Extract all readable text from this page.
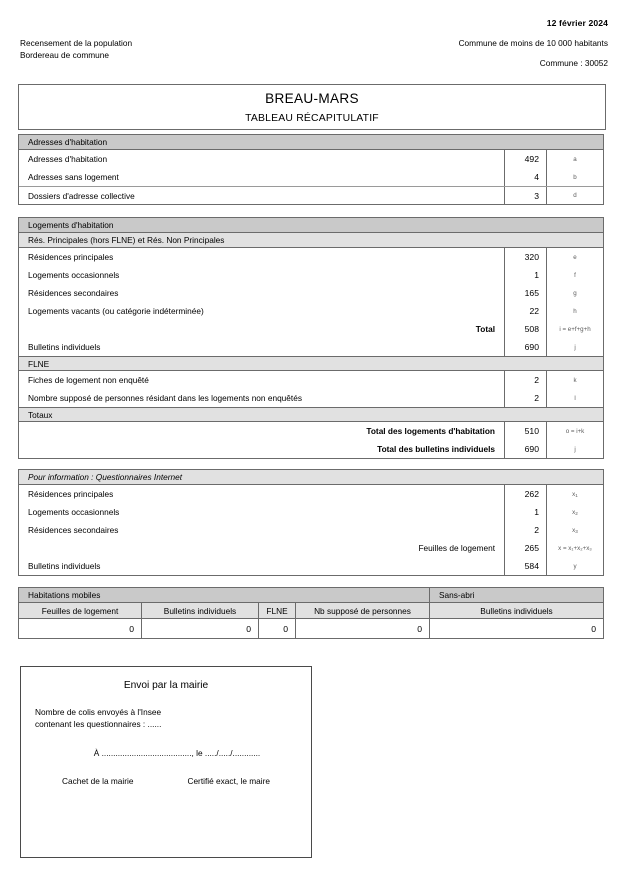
12 février 2024
Recensement de la population
Bordereau de commune
Commune de moins de 10 000 habitants
Commune : 30052
BREAU-MARS
TABLEAU RÉCAPITULATIF
Adresses d'habitation
Adresses d'habitation	492	a
Adresses sans logement	4	b
Dossiers d'adresse collective	3	d
Logements d'habitation
Rés. Principales (hors FLNE) et Rés. Non Principales
Résidences principales	320	e
Logements occasionnels	1	f
Résidences secondaires	165	g
Logements vacants (ou catégorie indéterminée)	22	h
Total	508	i = e+f+g+h
Bulletins individuels	690	j
FLNE
Fiches de logement non enquêté	2	k
Nombre supposé de personnes résidant dans les logements non enquêtés	2	l
Totaux
Total des logements d'habitation	510	o = i+k
Total des bulletins individuels	690	j
Pour information : Questionnaires Internet
Résidences principales	262	$x_1$
Logements occasionnels	1	$x_2$
Résidences secondaires	2	$x_3$
Feuilles de logement	265	x = x₁+x₂+x₃
Bulletins individuels	584	y
Habitations mobiles	Sans-abri
Feuilles de logement	Bulletins individuels	FLNE	Nb supposé de personnes	Bulletins individuels
0	0	0	0	0
Envoi par la mairie
Nombre de colis envoyés à l'Insee
contenant les questionnaires : ......
À ......................................., le ...../...../............
Cachet de la mairie	Certifié exact, le maire
